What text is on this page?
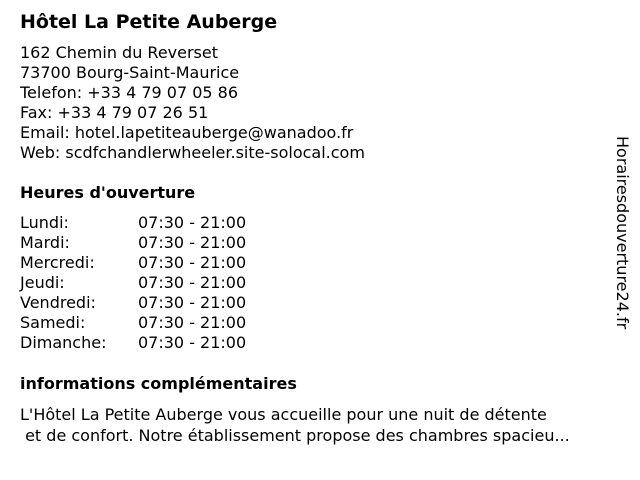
Hôtel La Petite Auberge
162 Chemin du Reverset
73700 Bourg-Saint-Maurice
Telefon: +33 4 79 07 05 86
Fax: +33 4 79 07 26 51
Email: hotel.lapetiteauberge@wanadoo.fr
Web: scdfchandlerwheeler.site-solocal.com
Heures d'ouverture
Lundi:	07:30 - 21:00
Mardi:	07:30 - 21:00
Mercredi:	07:30 - 21:00
Jeudi:	07:30 - 21:00
Vendredi:	07:30 - 21:00
Samedi:	07:30 - 21:00
Dimanche: 07:30 - 21:00
informations complémentaires
L'Hôtel La Petite Auberge vous accueille pour une nuit de détente
et de confort. Notre établissement propose des chambres spacieu...
Horairesdouverture24.fr
